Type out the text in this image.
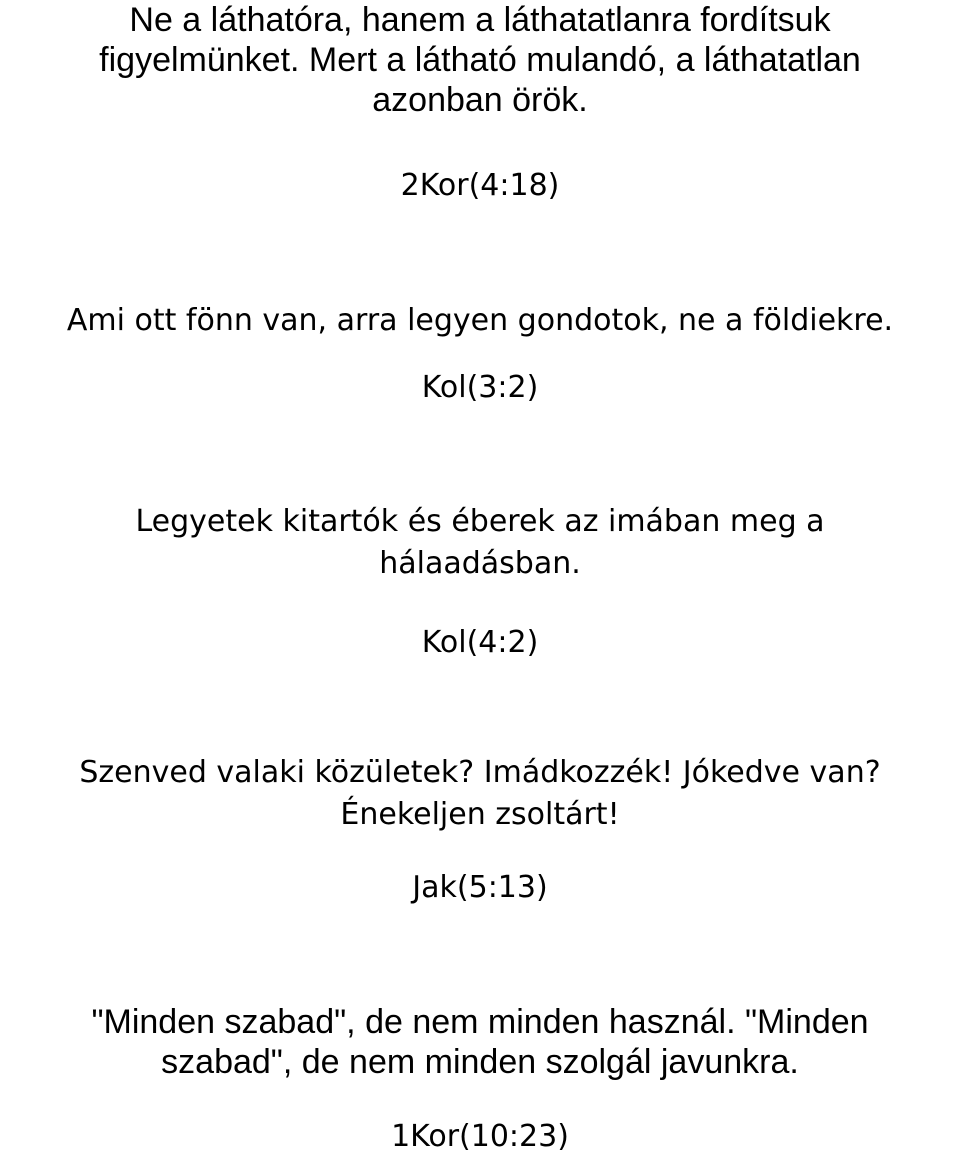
Ne a láthatóra, hanem a láthatatlanra fordítsuk
figyelmünket. Mert a látható mulandó, a láthatatlan
azonban örök.
2Kor(4:18)
Ami ott fönn van, arra legyen gondotok, ne a földiekre.
Kol(3:2)
Legyetek kitartók és éberek az imában meg a
hálaadásban.
Kol(4:2)
Szenved valaki közületek? Imádkozzék! Jókedve van?
Énekeljen zsoltárt!
Jak(5:13)
"Minden szabad", de nem minden használ. "Minden
szabad", de nem minden szolgál javunkra.
1Kor(10:23)
